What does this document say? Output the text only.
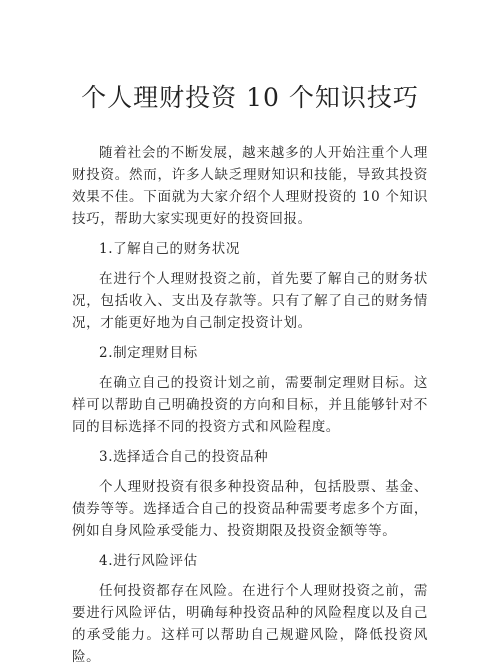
个人理财投资 10 个知识技巧

随着社会的不断发展，越来越多的人开始注重个人理财投资。然而，许多人缺乏理财知识和技能，导致其投资效果不佳。下面就为大家介绍个人理财投资的 10 个知识技巧，帮助大家实现更好的投资回报。

1.了解自己的财务状况

在进行个人理财投资之前，首先要了解自己的财务状况，包括收入、支出及存款等。只有了解了自己的财务情况，才能更好地为自己制定投资计划。

2.制定理财目标

在确立自己的投资计划之前，需要制定理财目标。这样可以帮助自己明确投资的方向和目标，并且能够针对不同的目标选择不同的投资方式和风险程度。

3.选择适合自己的投资品种

个人理财投资有很多种投资品种，包括股票、基金、债券等等。选择适合自己的投资品种需要考虑多个方面，例如自身风险承受能力、投资期限及投资金额等等。

4.进行风险评估

任何投资都存在风险。在进行个人理财投资之前，需要进行风险评估，明确每种投资品种的风险程度以及自己的承受能力。这样可以帮助自己规避风险，降低投资风险。
